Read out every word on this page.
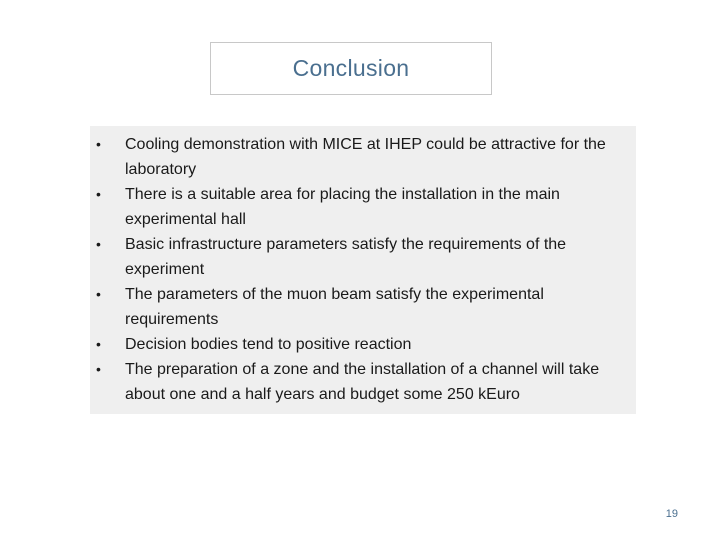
Conclusion
•	Cooling demonstration with MICE at IHEP could be attractive for the laboratory
•	There is a suitable area for placing the installation in the main experimental hall
•	Basic infrastructure parameters satisfy the requirements of the experiment
•	The parameters of the muon beam satisfy the experimental requirements
•	Decision bodies tend to positive reaction
•	The preparation of a zone and the installation of a channel will take about one and a half years and budget some 250 kEuro
19
